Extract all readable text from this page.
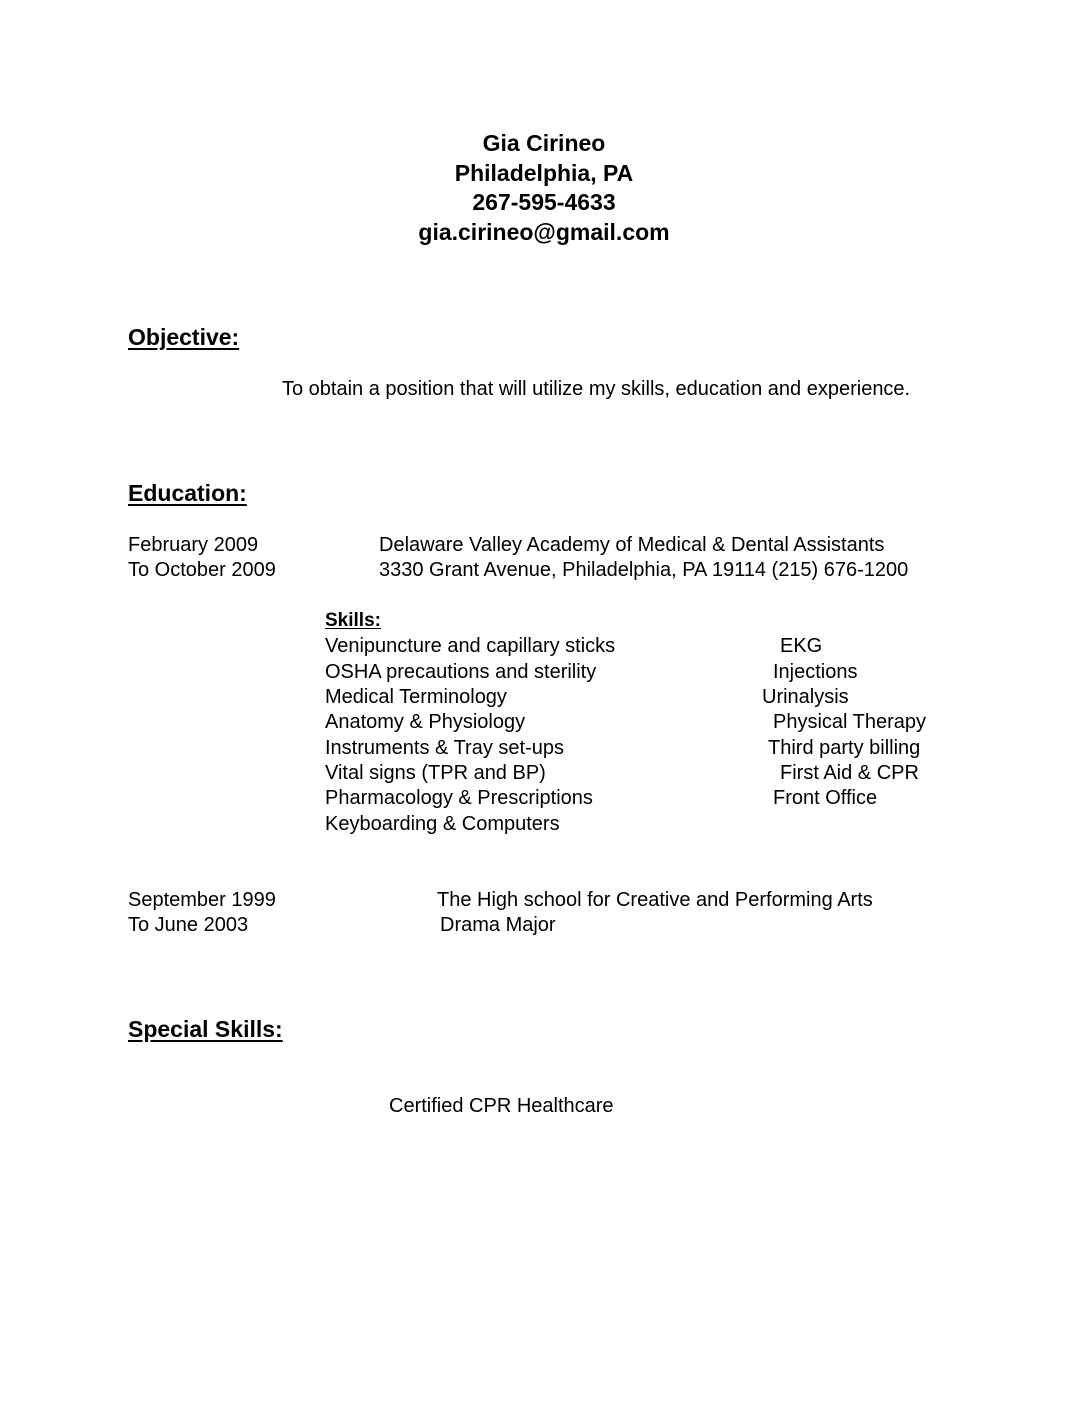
Gia Cirineo
Philadelphia, PA
267-595-4633
gia.cirineo@gmail.com
Objective:
To obtain a position that will utilize my skills, education and experience.
Education:
February 2009
To October 2009
Delaware Valley Academy of Medical & Dental Assistants
3330 Grant Avenue, Philadelphia, PA 19114 (215) 676-1200
Skills:
Venipuncture and capillary sticks
OSHA precautions and sterility
Medical Terminology
Anatomy & Physiology
Instruments & Tray set-ups
Vital signs (TPR and BP)
Pharmacology & Prescriptions
Keyboarding & Computers
EKG
Injections
Urinalysis
Physical Therapy
Third party billing
First Aid & CPR
Front Office
September 1999
To June 2003
The High school for Creative and Performing Arts
Drama Major
Special Skills:
Certified CPR Healthcare
